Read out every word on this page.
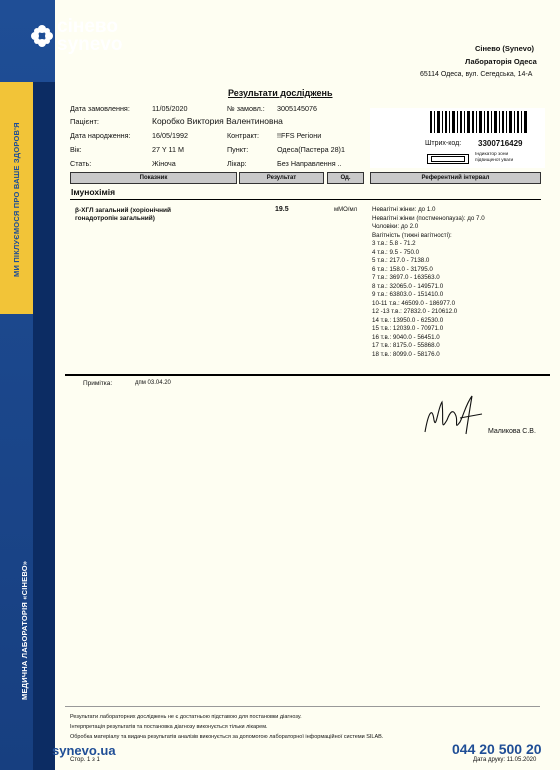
МИ ПІКЛУЄМОСЯ ПРО ВАШЕ ЗДОРОВ'Я
МЕДИЧНА ЛАБОРАТОРІЯ «СІНЕВО»
сінево
synevo	Сінево (Synevo)
Лабораторія Одеса
65114 Одеса, вул. Сегедська, 14-А
Результати досліджень
Дата замовлення:	11/05/2020	№ замовл.: 3005145076
Пацієнт:	Коробко Виктория Валентиновна
Дата народження:	16/05/1992	Контракт:	!!FFS Регіони
Вік:	27 Y 11 M	Пункт:	Одеса(Пастера 28)1
Стать:	Жіноча	Лікар:	Без Направлення ..
Штрих-код: 3300716429
Індикатор зони підвищеної уваги
Показник	Результат	Од.	Референтний інтервал
Імунохімія
β-ХГЛ загальний (хоріонічний
гонадотропін загальний)
19.5	мМО/мл Невагітні жінки: до 1.0
Невагітні жінки (постменопауза): до 7.0
Чоловіки: до 2.0
Вагітність (тижні вагітності):
3 т.в.: 5.8 - 71.2
4 т.в.: 9.5 - 750.0
5 т.в.: 217.0 - 7138.0
6 т.в.: 158.0 - 31795.0
7 т.в.: 3697.0 - 163563.0
8 т.в.: 32065.0 - 149571.0
9 т.в.: 63803.0 - 151410.0
10-11 т.в.: 46509.0 - 186977.0
12 -13 т.в.: 27832.0 - 210612.0
14 т.в.: 13950.0 - 62530.0
15 т.в.: 12039.0 - 70971.0
16 т.в.: 9040.0 - 56451.0
17 т.в.: 8175.0 - 55868.0
18 т.в.: 8099.0 - 58176.0
Примітка:	дпм 03.04.20
Маликова С.В.
Результати лабораторних досліджень не є достатньою підставою для постановки діагнозу.
Інтерпретація результатів та постановка діагнозу виконується тільки лікарем.
Обробка матеріалу та видача результатів аналізів виконується за допомогою лабораторної інформаційної системи SILAB.
synevo.ua
Стор. 1 з 1
044 20 500 20
Дата друку: 11.05.2020
